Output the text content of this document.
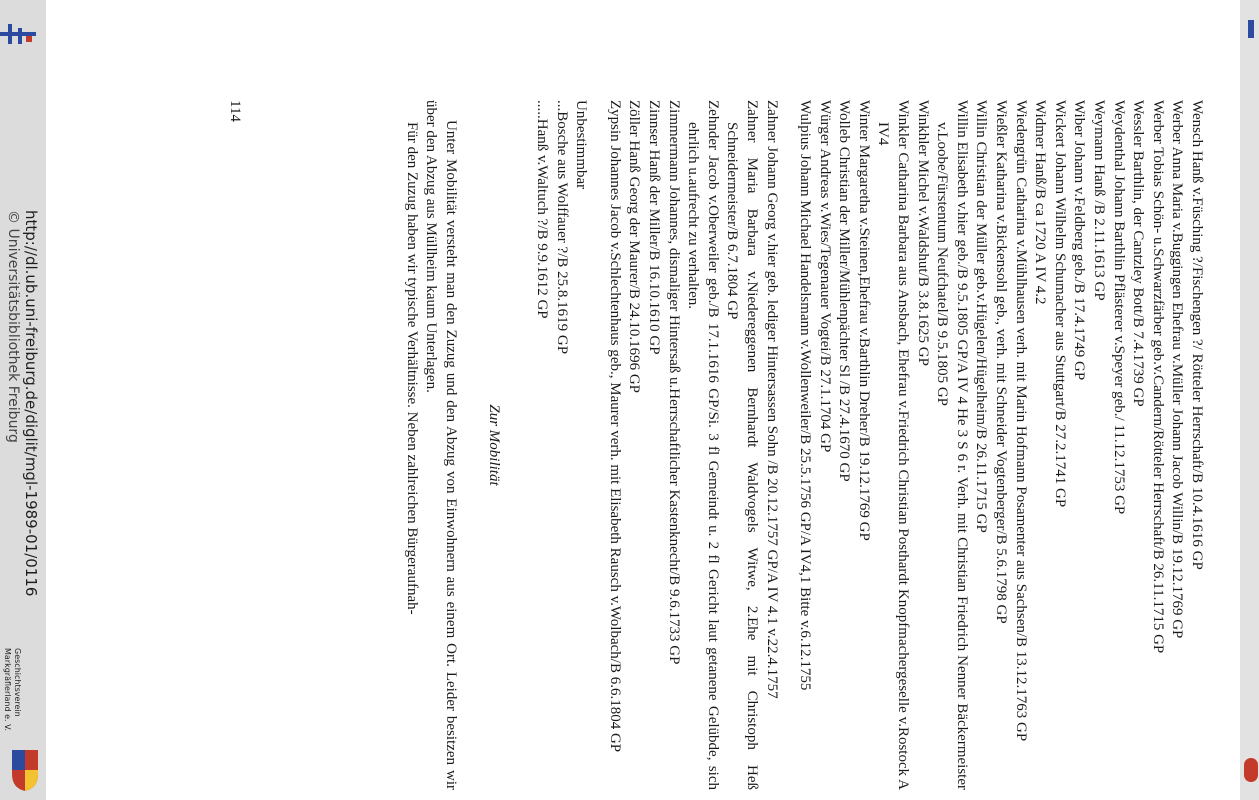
http://dl.ub.uni-freiburg.de/diglit/mgl-1989-01/0116
© Universitätsbibliothek Freiburg
Geschichtsverein
Markgräflerland e. V.

Wensch Hanß v.Füsching ?/Fischengen ?/ Rötteler Herrschaft/B 10.4.1616 GP

Werber Anna Maria v.Buggingen Ehefrau v.Müller Johann Jacob Willin/B 19.12.1769 GP

Werber Tobias Schön- u.Schwarzfärber geb.v.Candern/Rötteler Herrschaft/B 26.11.1715 GP

Wessler Barthlin, der Cantzley Bott/B 7.4.1739 GP

Weydenthal Johann Barthlin Pflästerer v.Speyer geb./ 11.12.1753 GP

Weymann Hanß /B 2.11.1613 GP

Wiber Johann v.Feldberg geb./B 17.4.1749 GP

Wickert Johann Wilhelm Schumacher aus Stuttgart/B 27.2.1741 GP

Widmer Hanß/B ca 1720 A IV 4.2

Wiedengrün Catharina v.Mühlhausen verh. mit Marin Hofmann Posamenter aus Sachsen/B 13.12.1763 GP

Wießler Katharina v.Bickensohl geb., verh. mit Schneider Vogtenberger/B 5.6.1798 GP

Willin Christian der Müller geb.v.Hügelen/Hügelheim/B 26.11.1715 GP

Willin Elisabeth v.hier geb./B 9.5.1805 GP/A IV 4 He 3 S 6 r. Verh. mit Christian Friedrich Nenner Bäckermeister v.Loobe/Fürstentum Neufchatel/B 9.5.1805 GP

Winkhler Michel v.Waldshut/B 3.8.1625 GP

Winkler Catharina Barbara aus Ansbach, Ehefrau v.Friedrich Christian Posthardt Knopfmachergeselle v.Rostock A IV4

Winter Margaretha v.Steinen,Ehefrau v.Barthlin Dreher/B 19.12.1769 GP

Wolleb Christian der Miller/Mühlenpächter Sl /B 27.4.1670 GP

Würger Andreas v.Wies/Tegenauer Vogtei/B 27.1.1704 GP

Wulpius Johann Michael Handelsmann v.Wollenweiler/B 25.5.1756 GP/A IV4,1 Bitte v.6.12.1755

Zahner Johann Georg v.hier geb. lediger Hintersassen Sohn /B 20.12.1757 GP/A IV 4.1 v.22.4.1757

Zahner Maria Barbara v.Niedereggenen Bernhardt Waldvogels Witwe, 2.Ehe mit Christoph Heß Schneidermeister/B 6.7.1804 GP

Zehnder Jacob v.Oberweiler geb./B 17.1.1616 GP/Si. 3 fl Gemeindt u. 2 fl Gericht laut getanene Gelübde, sich ehrlich u.aufrecht zu verhalten.

Zimmermann Johannes, dismaliger Hintersaß u.Herrschaftlicher Kastenknecht/B 9.6.1733 GP

Zinnser Hanß der Miller/B 16.10.1610 GP

Zöller Hanß Georg der Maurer/B 24.10.1696 GP

Zypsin Johannes Jacob v.Schlechtenhaus geb., Maurer verh. mit Elisabeth Rausch v.Wolbach/B 6.6.1804 GP

Unbestimmbar

...Bosche aus Wolffauer ?/B 25.8.1619 GP

.....Hanß v.Waltuch ?/B 9.9.1612 GP

Zur Mobilität

Unter Mobilität versteht man den Zuzug und den Abzug von Einwohnern aus einem Ort. Leider besitzen wir über den Abzug aus Müllheim kaum Unterlagen.

Für den Zuzug haben wir typische Verhältnisse. Neben zahlreichen Bürgeraufnah-

114
